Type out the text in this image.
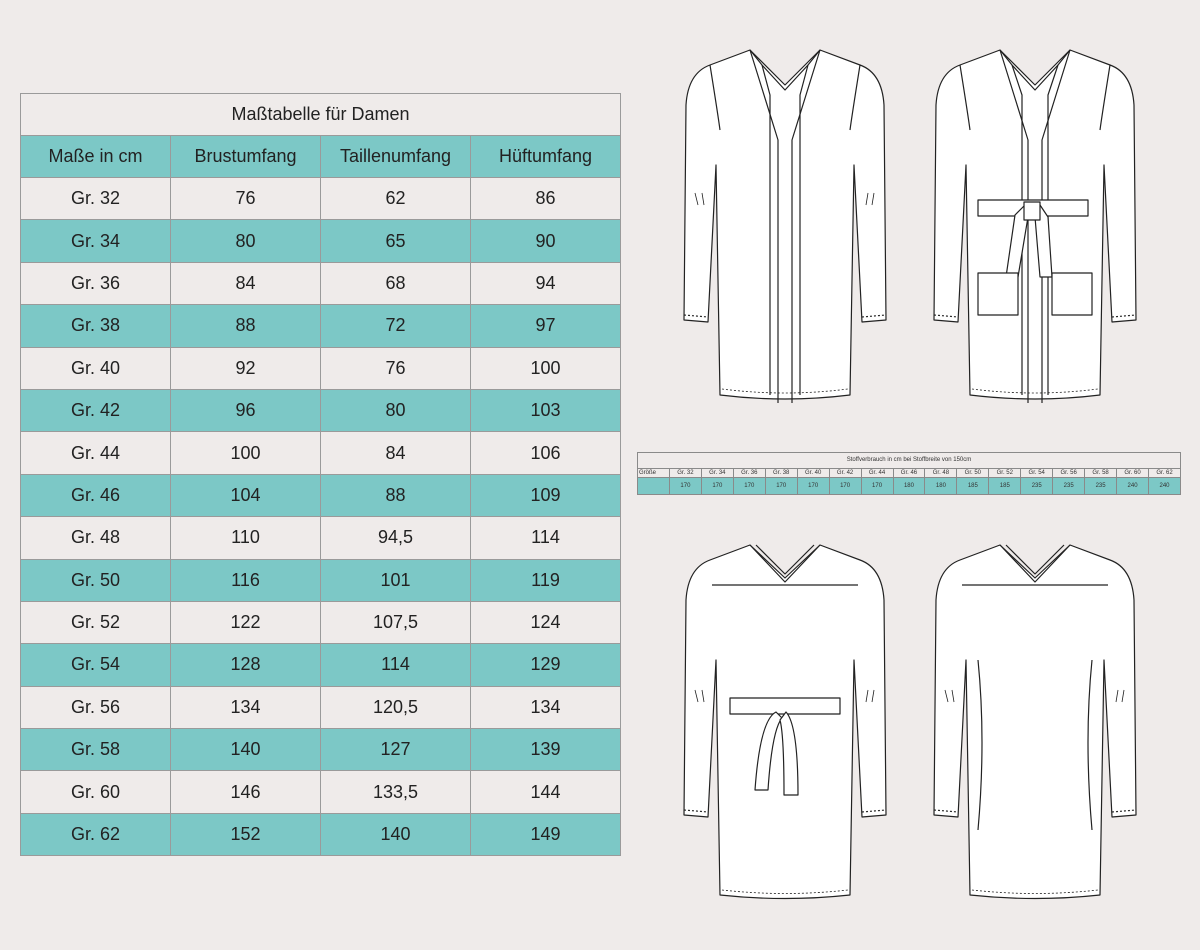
Maßtabelle für Damen			
Maße in cm	Brustumfang	Taillenumfang	Hüftumfang
Gr. 32	76	62	86
Gr. 34	80	65	90
Gr. 36	84	68	94
Gr. 38	88	72	97
Gr. 40	92	76	100
Gr. 42	96	80	103
Gr. 44	100	84	106
Gr. 46	104	88	109
Gr. 48	110	94,5	114
Gr. 50	116	101	119
Gr. 52	122	107,5	124
Gr. 54	128	114	129
Gr. 56	134	120,5	134
Gr. 58	140	127	139
Gr. 60	146	133,5	144
Gr. 62	152	140	149
Stoffverbrauch in cm bei Stoffbreite von 150cm																
Größe	Gr. 32	Gr. 34	Gr. 36	Gr. 38	Gr. 40	Gr. 42	Gr. 44	Gr. 46	Gr. 48	Gr. 50	Gr. 52	Gr. 54	Gr. 56	Gr. 58	Gr. 60	Gr. 62
	170	170	170	170	170	170	170	180	180	185	185	235	235	235	240	240
